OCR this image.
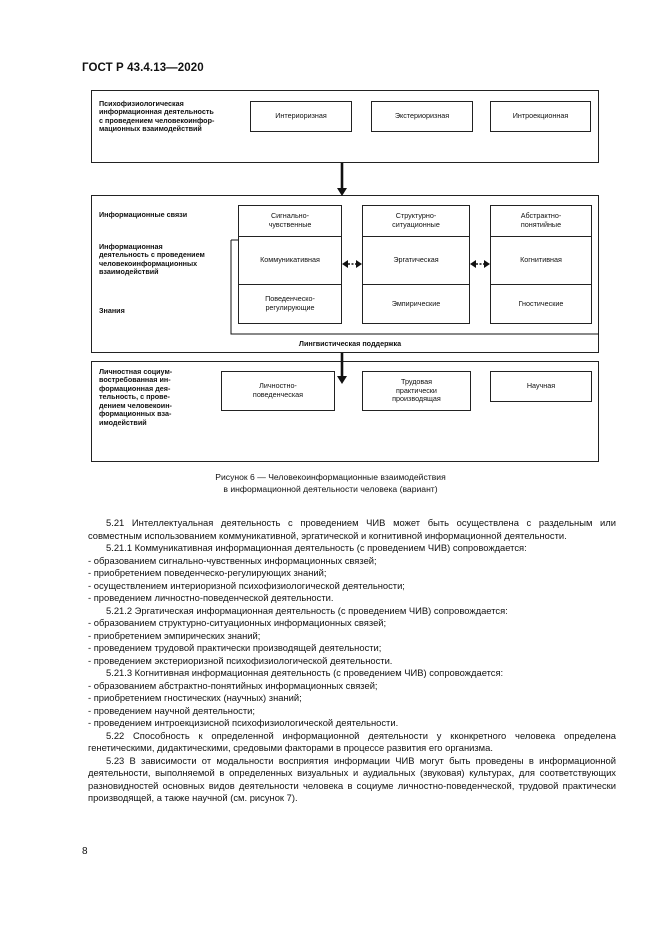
ГОСТ Р 43.4.13—2020
Психофизиологическая
информационная деятельность
с проведением человекоинфор-
мационных взаимодействий
Интериоризная	Экстериоризная	Интроекционная
Информационные связи
Информационная
деятельность с проведением
человекоинформационных
взаимодействий
Знания
Сигнально-
чувственные
Коммуникативная
Поведенческо-
регулирующие
Структурно-
ситуационные
Эргатическая
Эмпирические
Абстрактно-
понятийные
Когнитивная
Гностические
Лингвистическая поддержка
Личностная социум-
востребованная ин-
формационная дея-
тельность, с прове-
дением человекоин-
формационных вза-
имодействий
Личностно-
поведенческая
Трудовая
практически
производящая
Научная
Рисунок 6 — Человекоинформационные взаимодействия
в информационной деятельности человека (вариант)

5.21 Интеллектуальная деятельность с проведением ЧИВ может быть осуществлена с раздельным или совместным использованием коммуникативной, эргатической и когнитивной информационной деятельности.

5.21.1 Коммуникативная информационная деятельность (с проведением ЧИВ) сопровождается:

- образованием сигнально-чувственных информационных связей;

- приобретением поведенческо-регулирующих знаний;

- осуществлением интериоризной психофизиологической деятельности;

- проведением личностно-поведенческой деятельности.

5.21.2 Эргатическая информационная деятельность (с проведением ЧИВ) сопровождается:

- образованием структурно-ситуационных информационных связей;

- приобретением эмпирических знаний;

- проведением трудовой практически производящей деятельности;

- проведением экстериоризной психофизиологической деятельности.

5.21.3 Когнитивная информационная деятельность (с проведением ЧИВ) сопровождается:

- образованием абстрактно-понятийных информационных связей;

- приобретением гностических (научных) знаний;

- проведением научной деятельности;

- проведением интроекцизисной психофизиологической деятельности.

5.22 Способность к определенной информационной деятельности у кконкретного человека определена генетическими, дидактическими, средовыми факторами в процессе развития его организма.

5.23 В зависимости от модальности восприятия информации ЧИВ могут быть проведены в информационной деятельности, выполняемой в определенных визуальных и аудиальных (звуковая) культурах, для соответствующих разновидностей основных видов деятельности человека в социуме личностно-поведенческой, трудовой практически производящей, а также научной (см. рисунок 7).

8
